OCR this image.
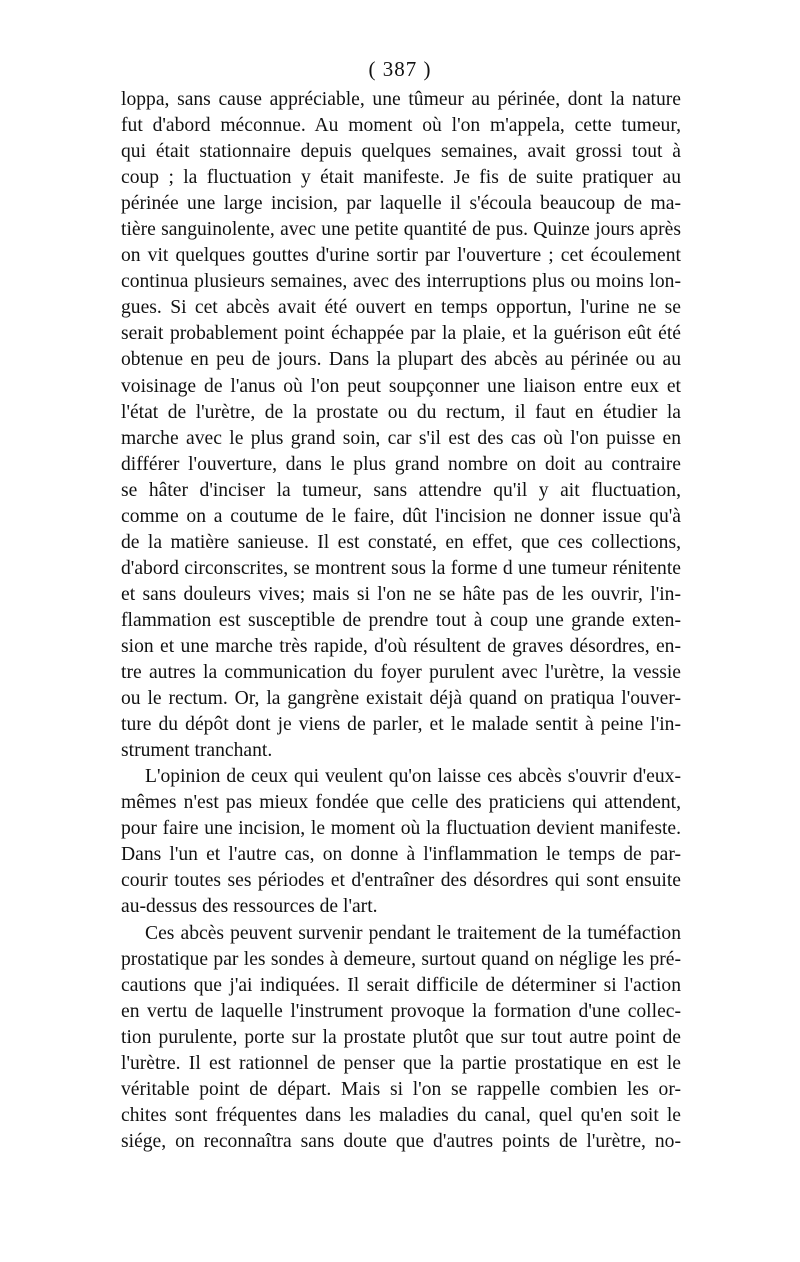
( 387 )
loppa, sans cause appréciable, une tûmeur au périnée, dont la nature
fut d'abord méconnue. Au moment où l'on m'appela, cette tumeur,
qui était stationnaire depuis quelques semaines, avait grossi tout à
coup ; la fluctuation y était manifeste. Je fis de suite pratiquer au
périnée une large incision, par laquelle il s'écoula beaucoup de ma-
tière sanguinolente, avec une petite quantité de pus. Quinze jours après
on vit quelques gouttes d'urine sortir par l'ouverture ; cet écoulement
continua plusieurs semaines, avec des interruptions plus ou moins lon-
gues. Si cet abcès avait été ouvert en temps opportun, l'urine ne se
serait probablement point échappée par la plaie, et la guérison eût été
obtenue en peu de jours. Dans la plupart des abcès au périnée ou au
voisinage de l'anus où l'on peut soupçonner une liaison entre eux et
l'état de l'urètre, de la prostate ou du rectum, il faut en étudier la
marche avec le plus grand soin, car s'il est des cas où l'on puisse en
différer l'ouverture, dans le plus grand nombre on doit au contraire
se hâter d'inciser la tumeur, sans attendre qu'il y ait fluctuation,
comme on a coutume de le faire, dût l'incision ne donner issue qu'à
de la matière sanieuse. Il est constaté, en effet, que ces collections,
d'abord circonscrites, se montrent sous la forme d une tumeur rénitente
et sans douleurs vives; mais si l'on ne se hâte pas de les ouvrir, l'in-
flammation est susceptible de prendre tout à coup une grande exten-
sion et une marche très rapide, d'où résultent de graves désordres, en-
tre autres la communication du foyer purulent avec l'urètre, la vessie
ou le rectum. Or, la gangrène existait déjà quand on pratiqua l'ouver-
ture du dépôt dont je viens de parler, et le malade sentit à peine l'in-
strument tranchant.
L'opinion de ceux qui veulent qu'on laisse ces abcès s'ouvrir d'eux-
mêmes n'est pas mieux fondée que celle des praticiens qui attendent,
pour faire une incision, le moment où la fluctuation devient manifeste.
Dans l'un et l'autre cas, on donne à l'inflammation le temps de par-
courir toutes ses périodes et d'entraîner des désordres qui sont ensuite
au-dessus des ressources de l'art.
Ces abcès peuvent survenir pendant le traitement de la tuméfaction
prostatique par les sondes à demeure, surtout quand on néglige les pré-
cautions que j'ai indiquées. Il serait difficile de déterminer si l'action
en vertu de laquelle l'instrument provoque la formation d'une collec-
tion purulente, porte sur la prostate plutôt que sur tout autre point de
l'urètre. Il est rationnel de penser que la partie prostatique en est le
véritable point de départ. Mais si l'on se rappelle combien les or-
chites sont fréquentes dans les maladies du canal, quel qu'en soit le
siége, on reconnaîtra sans doute que d'autres points de l'urètre, no-
